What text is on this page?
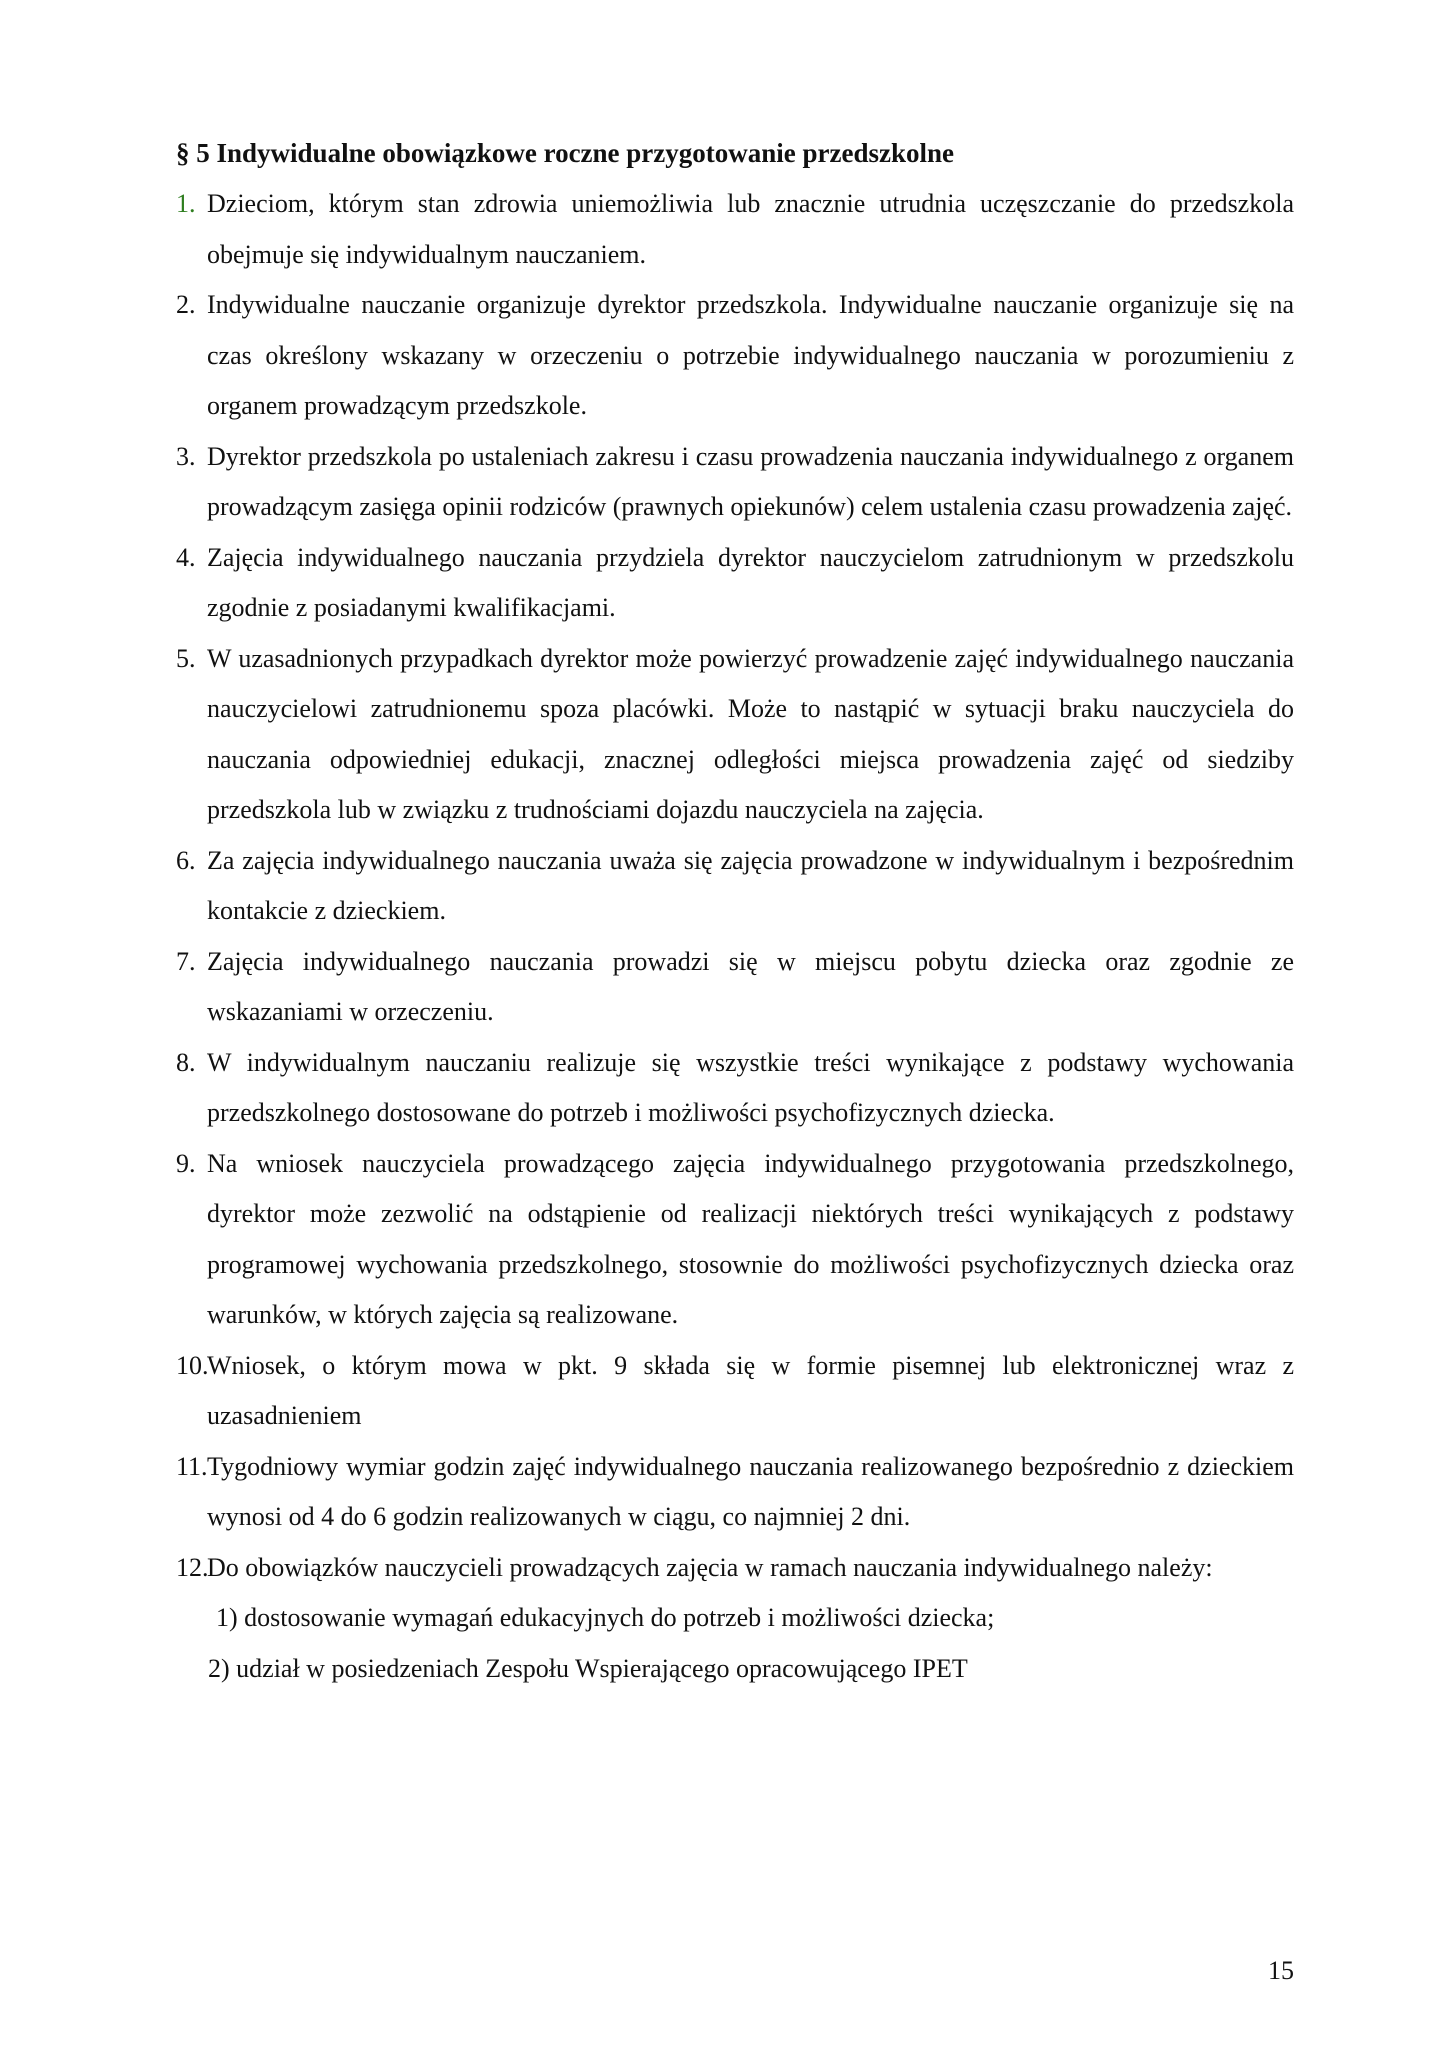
§ 5 Indywidualne obowiązkowe roczne przygotowanie przedszkolne
1. Dzieciom, którym stan zdrowia uniemożliwia lub znacznie utrudnia uczęszczanie do przedszkola obejmuje się indywidualnym nauczaniem.
2. Indywidualne nauczanie organizuje dyrektor przedszkola. Indywidualne nauczanie organizuje się na czas określony wskazany w orzeczeniu o potrzebie indywidualnego nauczania w porozumieniu z organem prowadzącym przedszkole.
3. Dyrektor przedszkola po ustaleniach zakresu i czasu prowadzenia nauczania indywidualnego z organem prowadzącym zasięga opinii rodziców (prawnych opiekunów) celem ustalenia czasu prowadzenia zajęć.
4. Zajęcia indywidualnego nauczania przydziela dyrektor nauczycielom zatrudnionym w przedszkolu zgodnie z posiadanymi kwalifikacjami.
5. W uzasadnionych przypadkach dyrektor może powierzyć prowadzenie zajęć indywidualnego nauczania nauczycielowi zatrudnionemu spoza placówki. Może to nastąpić w sytuacji braku nauczyciela do nauczania odpowiedniej edukacji, znacznej odległości miejsca prowadzenia zajęć od siedziby przedszkola lub w związku z trudnościami dojazdu nauczyciela na zajęcia.
6. Za zajęcia indywidualnego nauczania uważa się zajęcia prowadzone w indywidualnym i bezpośrednim kontakcie z dzieckiem.
7. Zajęcia indywidualnego nauczania prowadzi się w miejscu pobytu dziecka oraz zgodnie ze wskazaniami w orzeczeniu.
8. W indywidualnym nauczaniu realizuje się wszystkie treści wynikające z podstawy wychowania przedszkolnego dostosowane do potrzeb i możliwości psychofizycznych dziecka.
9. Na wniosek nauczyciela prowadzącego zajęcia indywidualnego przygotowania przedszkolnego, dyrektor może zezwolić na odstąpienie od realizacji niektórych treści wynikających z podstawy programowej wychowania przedszkolnego, stosownie do możliwości psychofizycznych dziecka oraz warunków, w których zajęcia są realizowane.
10.
Wniosek, o którym mowa w pkt. 9 składa się w formie pisemnej lub elektronicznej wraz z uzasadnieniem
11. Tygodniowy wymiar godzin zajęć indywidualnego nauczania realizowanego bezpośrednio z dzieckiem wynosi od 4 do 6 godzin realizowanych w ciągu, co najmniej 2 dni.
12.
Do obowiązków nauczycieli prowadzących zajęcia w ramach nauczania indywidualnego należy:
1) dostosowanie wymagań edukacyjnych do potrzeb i możliwości dziecka;
2) udział w posiedzeniach Zespołu Wspierającego opracowującego IPET
15
